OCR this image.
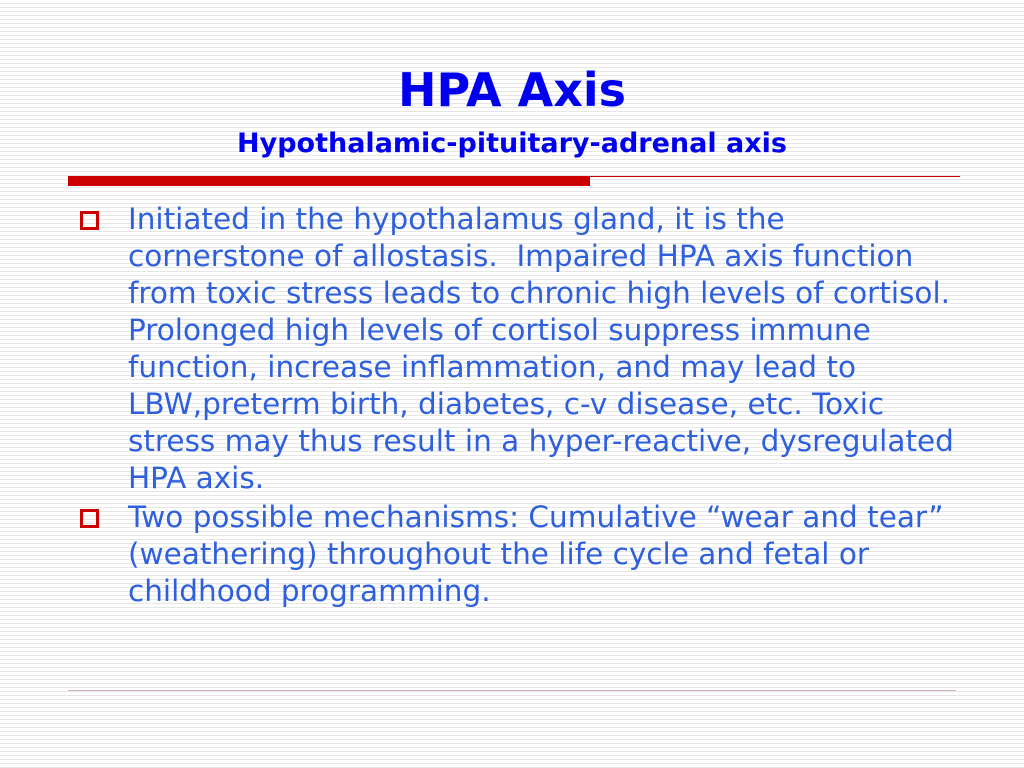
HPA Axis
Hypothalamic-pituitary-adrenal axis
Initiated in the hypothalamus gland, it is the cornerstone of allostasis.  Impaired HPA axis function from toxic stress leads to chronic high levels of cortisol. Prolonged high levels of cortisol suppress immune function, increase inflammation, and may lead to LBW,preterm birth, diabetes, c-v disease, etc. Toxic stress may thus result in a hyper-reactive, dysregulated HPA axis.
Two possible mechanisms: Cumulative “wear and tear” (weathering) throughout the life cycle and fetal or childhood programming.
